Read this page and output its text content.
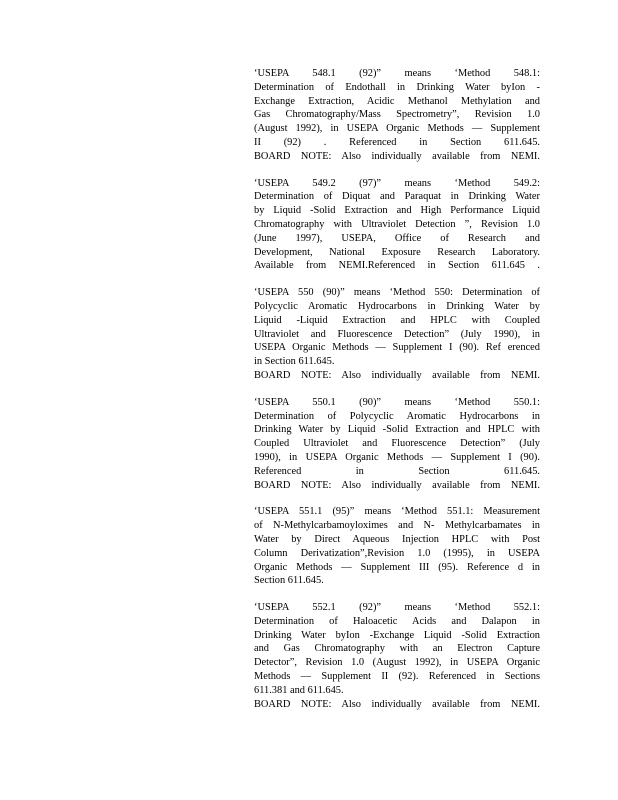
‘USEPA 548.1 (92)” means ‘Method 548.1:
Determination of Endothall in Drinking Water byIon -
Exchange Extraction, Acidic Methanol Methylation and
Gas Chromatography/Mass Spectrometry”, Revision 1.0
(August 1992), in USEPA Organic Methods — Supplement
II (92) . Referenced in Section 611.645.
BOARD NOTE: Also individually available from NEMI.
‘USEPA 549.2 (97)” means ‘Method 549.2:
Determination of Diquat and Paraquat in Drinking Water
by Liquid -Solid Extraction and High Performance Liquid
Chromatography with Ultraviolet Detection ”, Revision 1.0
(June 1997), USEPA, Office of Research and
Development, National Exposure Research Laboratory.
Available from NEMI.Referenced in Section 611.645 .
‘USEPA 550 (90)” means ‘Method 550: Determination of
Polycyclic Aromatic Hydrocarbons in Drinking Water by
Liquid -Liquid Extraction and HPLC with Coupled
Ultraviolet and Fluorescence Detection” (July 1990), in
USEPA Organic Methods — Supplement I (90). Ref erenced
in Section 611.645.
BOARD NOTE: Also individually available from NEMI.
‘USEPA 550.1 (90)” means ‘Method 550.1:
Determination of Polycyclic Aromatic Hydrocarbons in
Drinking Water by Liquid -Solid Extraction and HPLC with
Coupled Ultraviolet and Fluorescence Detection” (July
1990), in USEPA Organic Methods — Supplement I (90).
Referenced in Section 611.645.
BOARD NOTE: Also individually available from NEMI.
‘USEPA 551.1 (95)” means ‘Method 551.1: Measurement
of N-Methylcarbamoyloximes and N- Methylcarbamates in
Water by Direct Aqueous Injection HPLC with Post
Column Derivatization”,Revision 1.0 (1995), in USEPA
Organic Methods — Supplement III (95). Reference d in
Section 611.645.
‘USEPA 552.1 (92)” means ‘Method 552.1:
Determination of Haloacetic Acids and Dalapon in
Drinking Water byIon -Exchange Liquid -Solid Extraction
and Gas Chromatography with an Electron Capture
Detector”, Revision 1.0 (August 1992), in USEPA Organic
Methods — Supplement II (92). Referenced in Sections
611.381 and 611.645.
BOARD NOTE: Also individually available from NEMI.
